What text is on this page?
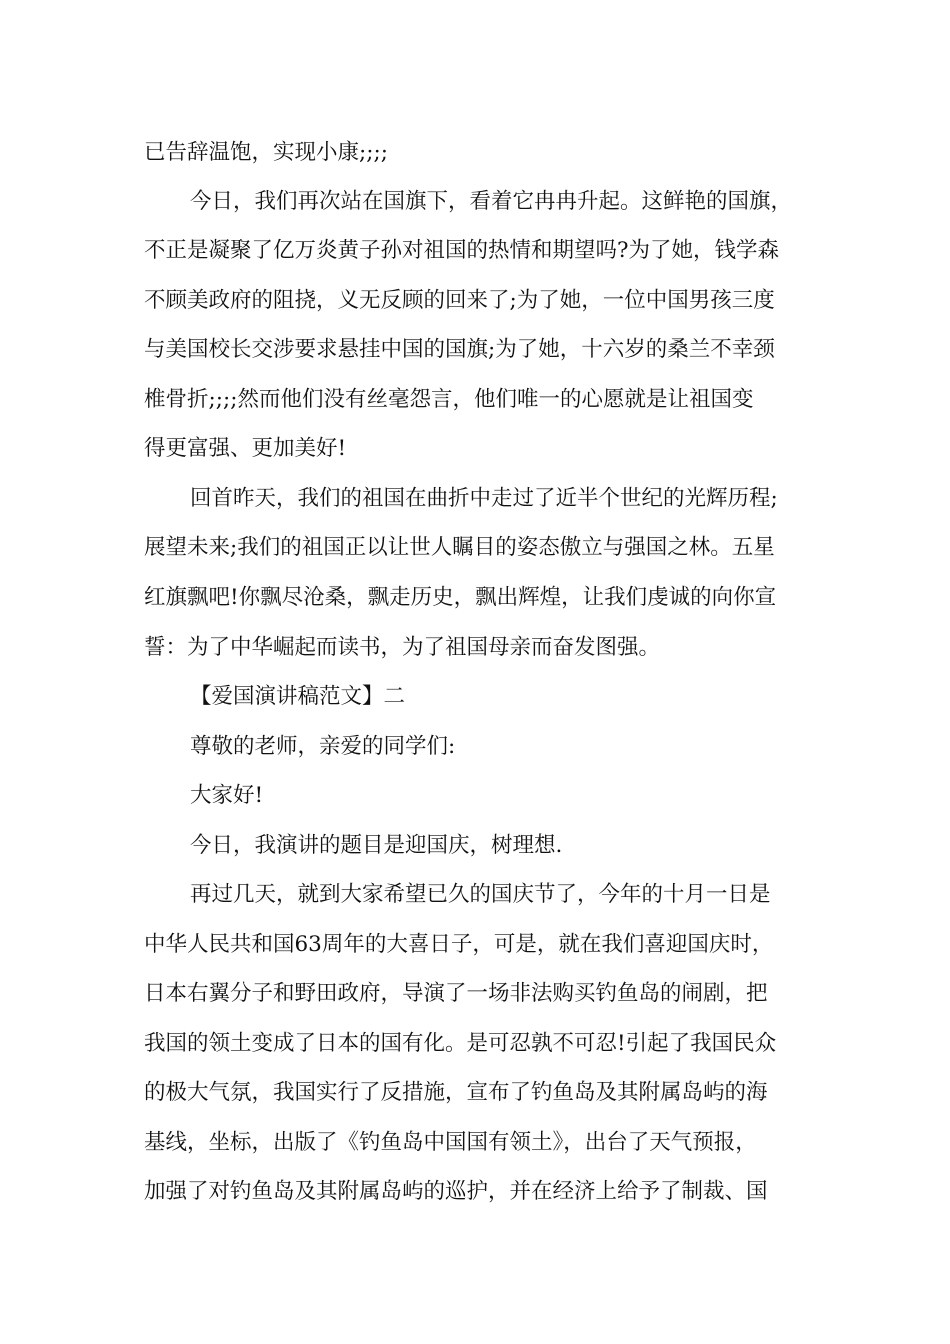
已告辞温饱，实现小康;;;;
今日，我们再次站在国旗下，看着它冉冉升起。这鲜艳的国旗，
不正是凝聚了亿万炎黄子孙对祖国的热情和期望吗?为了她，钱学森
不顾美政府的阻挠，义无反顾的回来了;为了她，一位中国男孩三度
与美国校长交涉要求悬挂中国的国旗;为了她，十六岁的桑兰不幸颈
椎骨折;;;;然而他们没有丝毫怨言，他们唯一的心愿就是让祖国变
得更富强、更加美好!
回首昨天，我们的祖国在曲折中走过了近半个世纪的光辉历程;
展望未来;我们的祖国正以让世人瞩目的姿态傲立与强国之林。五星
红旗飘吧!你飘尽沧桑，飘走历史，飘出辉煌，让我们虔诚的向你宣
誓：为了中华崛起而读书，为了祖国母亲而奋发图强。
【爱国演讲稿范文】二
尊敬的老师，亲爱的同学们:
大家好!
今日，我演讲的题目是迎国庆，树理想.
再过几天，就到大家希望已久的国庆节了，今年的十月一日是
中华人民共和国63周年的大喜日子，可是，就在我们喜迎国庆时，
日本右翼分子和野田政府，导演了一场非法购买钓鱼岛的闹剧，把
我国的领土变成了日本的国有化。是可忍孰不可忍!引起了我国民众
的极大气氛，我国实行了反措施，宣布了钓鱼岛及其附属岛屿的海
基线，坐标，出版了《钓鱼岛中国国有领土》，出台了天气预报，
加强了对钓鱼岛及其附属岛屿的巡护，并在经济上给予了制裁、国
